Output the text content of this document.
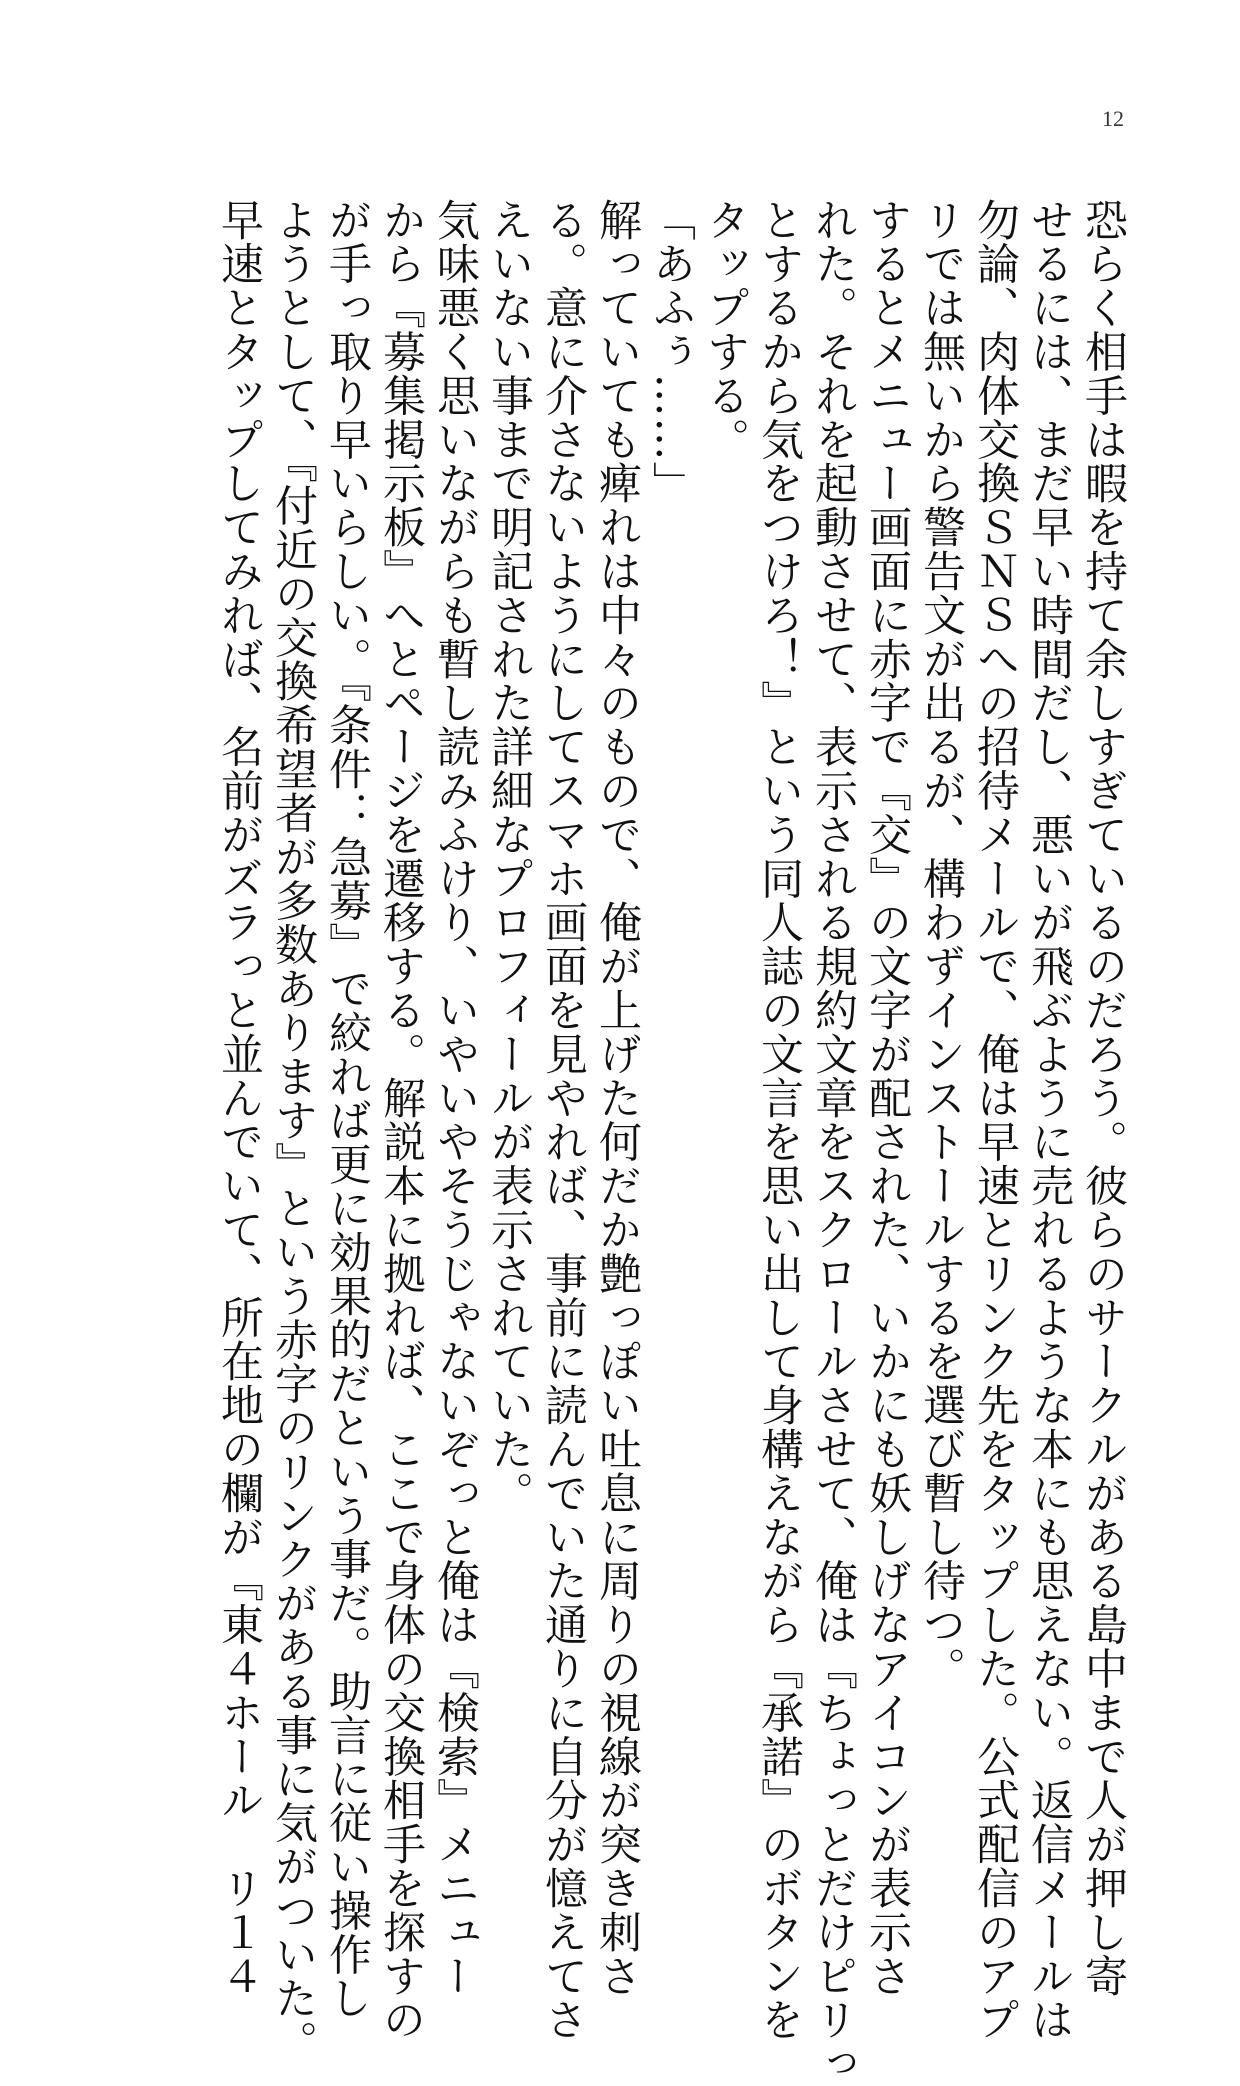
12
恐らく相手は暇を持て余しすぎているのだろう。彼らのサークルがある島中まで人が押し寄
せるには、まだ早い時間だし、悪いが飛ぶように売れるような本にも思えない。返信メールは
勿論、肉体交換ＳＮＳへの招待メールで、俺は早速とリンク先をタップした。公式配信のアプ
リでは無いから警告文が出るが、構わずインストールするを選び暫し待つ。
するとメニュー画面に赤字で『交』の文字が配された、いかにも妖しげなアイコンが表示さ
れた。それを起動させて、表示される規約文章をスクロールさせて、俺は『ちょっとだけピリっ
とするから気をつけろ！』という同人誌の文言を思い出して身構えながら『承諾』のボタンを
タップする。
「あふぅ……」
解っていても痺れは中々のもので、俺が上げた何だか艶っぽい吐息に周りの視線が突き刺さ
る。意に介さないようにしてスマホ画面を見やれば、事前に読んでいた通りに自分が憶えてさ
えいない事まで明記された詳細なプロフィールが表示されていた。
気味悪く思いながらも暫し読みふけり、いやいやそうじゃないぞっと俺は『検索』メニュー
から『募集掲示板』へとページを遷移する。解説本に拠れば、ここで身体の交換相手を探すの
が手っ取り早いらしい。『条件：急募』で絞れば更に効果的だという事だ。助言に従い操作し
ようとして、『付近の交換希望者が多数あります』という赤字のリンクがある事に気がついた。
早速とタップしてみれば、名前がズラっと並んでいて、所在地の欄が『東４ホール　リ１４
